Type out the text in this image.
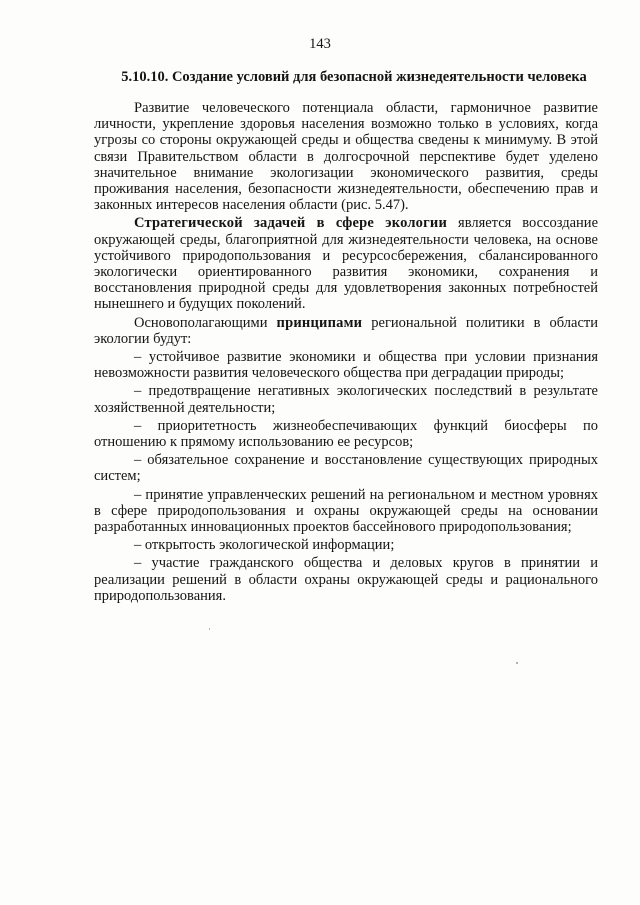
143
5.10.10. Создание условий для безопасной жизнедеятельности человека

Развитие человеческого потенциала области, гармоничное развитие личности, укрепление здоровья населения возможно только в условиях, когда угрозы со стороны окружающей среды и общества сведены к минимуму. В этой связи Правительством области в долгосрочной перспективе будет уделено значительное внимание экологизации экономического развития, среды проживания населения, безопасности жизнедеятельности, обеспечению прав и законных интересов населения области (рис. 5.47).

Стратегической задачей в сфере экологии является воссоздание окружающей среды, благоприятной для жизнедеятельности человека, на основе устойчивого природопользования и ресурсосбережения, сбалансированного экологически ориентированного развития экономики, сохранения и восстановления природной среды для удовлетворения законных потребностей нынешнего и будущих поколений.

Основополагающими принципами региональной политики в области экологии будут:

– устойчивое развитие экономики и общества при условии признания невозможности развития человеческого общества при деградации природы;

– предотвращение негативных экологических последствий в результате хозяйственной деятельности;

– приоритетность жизнеобеспечивающих функций биосферы по отношению к прямому использованию ее ресурсов;

– обязательное сохранение и восстановление существующих природных систем;

– принятие управленческих решений на региональном и местном уровнях в сфере природопользования и охраны окружающей среды на основании разработанных инновационных проектов бассейнового природопользования;

– открытость экологической информации;

– участие гражданского общества и деловых кругов в принятии и реализации решений в области охраны окружающей среды и рационального природопользования.
